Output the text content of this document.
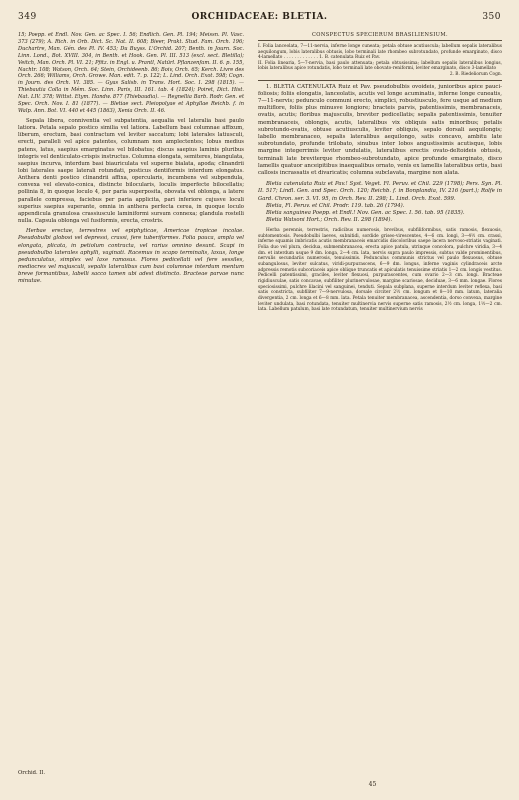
349	ORCHIDACEAE: BLETIA.	350

15; Poepp. et Endl. Nov. Gen. ac Spec. I. 56; Endlich. Gen. Pl. 194; Meissn. Pl. Vasc. 373 (279); A. Rich. in Orb. Dict. Sc. Nat. II. 608; Bieer, Prakt. Stud. Fam. Orch. 196; Duchartre, Man. Gén. des Pl. IV. 453; Du Buyss. L'Orchid. 207; Benth. in Journ. Soc. Linn. Lond., Bot. XVIII. 304, in Benth. et Hook. Gen. Pl. III. 513 (excl. sect. Bletilla); Veitch, Man. Orch. Pl. VI. 21; Pfitz. in Engl. u. Prantl, Natürl. Pflanzenfam. II. 6. p. 155, Nachtr. 108; Watson, Orch. 64; Stein, Orchideenb. 86; Boiv, Orch. 65; Kerch. Livre des Orch. 266; Williams, Orch. Growe. Man. edit. 7. p. 122; L. Lind. Orch. Exot. 598; Cogn. in Journ. des Orch. VI. 385. — Gyas Salisb. in Trans. Hort. Soc. I. 298 (1815). — Thiebautia Colla in Mém. Soc. Linn. Paris, III. 161. tab. 4 (1824); Poiret, Dict. Hist. Nat. LIV. 378; Wittst. Etym. Handw. 877 (Thiebaudia). — Regnellia Barb. Rodr. Gen. et Spec. Orch. Nov. I. 81 (1877). — Bletiae sect. Pleiopolyae et Aphyllae Reichb. f. in Walp. Ann. Bot. VI. 440 et 445 (1863), Xenia Orch. II. 46.

Sepala libera, conniventia vel subpatentia, aequalia vel lateralia basi paulo latiora. Petala sepalo postico similia vel latiora. Labellum basi columnae affixum, liberum, erectum, basi contractum vel leviter saccatum; lobi laterales latiusculi, erecti, paralleli vel apice patentes, columnam non amplectentes; lobus medius patens, latus, saepius emarginatus vel bilobatus; discus saepius laminis pluribus integris vel denticulato-crispis instructus. Columna elongata, semiteres, biangulata, saepius incurva, interdum basi biauriculata vel superne bialata, apoda; clinandrii lobi laterales saepe laterali rotundati, posticus dentiformis interdum elongatus. Anthera denti postico clinandrii affixa, opercularis, incumbens vel subpendula, convexa vel elevato-conica, distincte bilocularis, loculis imperfecte bilocellatis; pollinia 8, in quoque loculo 4, per paria superposita, obovata vel oblonga, a latere parallele compressa, faciebus per paria applicita, pari inferiore cujusve loculi superius saepius superante, omnia in anthera perfecta cerea, in quoque loculo appendicula granulosa crassiuscule laminiformi sursum connexa; glandula rostelli nulla. Capsula oblonga vel fusiformis, erecta, crostris.

Herbae erectae, terrestres vel epiphyticae, Americae tropicae incolae. Pseudobulbi globosi vel depressi, crassi, fere tuberiformes. Folia pauca, ampla vel elongata, plicata, in petiolum contracta, vel rarius omnino desunt. Scapi in pseudobulbo laterales aphylli, vaginati. Racemus in scapo terminalis, laxus, longe pedunculatus, simplex vel laxe ramosus. Flores pedicellati vel fere sessiles, mediocres vel majusculi, sepalis lateralibus cum basi columnae interdum mentum breve formantibus, labelli sacco tamen ubi adest distincto. Bracteae parvae nunc minutae.

Orchid. II.

CONSPECTUS SPECIERUM BRASILIENSIUM.

I. Folia lanceolata, 7—11-nervia, inferne longe cuneata; petala obtuse acutiuscula; labellum sepalis lateralibus aequilongum, lobis lateralibus obtusis, lobo terminali late rhombeo subrotundato, profunde emarginato, disco 4-lamellato . . . . . . . . . . . . . 1. B. catenulata Ruiz et Pav.

II. Folia linearia, 5—7-nervia, basi paulo attenuata; petala obtusissima; labellum sepalis lateralibus longius, lobis lateralibus apice rotundatis, lobo terminali late obovato-reniformi, leviter emarginato, disco 3-lamellato

2. B. Riedeliorum Cogn.

1. BLETIA CATENULATA Ruiz et Pav. pseudobulbis ovoideis, junioribus apice pauci-foliosis; foliis elongatis, lanceolatis, acutis vel longe acuminatis, inferne longe cuneatis, 7—11-nervis; pedunculo communi erecto, simplici, robustiusculo, fere usque ad medium multiflore, foliis plus minusve longiore; bracteis parvis, patentissimis, membranaceis, ovatis, acutis; floribus majusculis, breviter pedicellatis; sepalis patentissimis, tenuiter membranaceis, oblongis, acutis, lateralibus vix obliquis satis minoribus; petalis subrotundo-ovatis, obtuse acutiusculis, leviter obliquis, sepalo dorsali aequilongis; labello membranaceo, sepalis lateralibus aequilongo, satis concavo, ambitu late subrotundato, profunde trilobato, sinubus inter lobos angustissimis acutisque, lobis margine integerrimis leviter undulatis, lateralibus erectis ovato-deltoideis obtusis, terminali late breviterque rhombeo-subrotundato, apice profunde emarginato, disco lamellis quatuor anceipitibus inaequalibus ornato, venis ex lamellis lateralibus ortis, basi callosis incrassatis et divaricatis; columna subclavata, margine non alata.

Bletia catenulata Ruiz et Pav.! Syst. Veget. Fl. Peruv. et Chil. 229 (1798); Pers. Syn. Pl. II. 517; Lindl. Gen. and Spec. Orch. 120; Reichb. f. in Bonplandia, IV. 216 (part.); Rolfe in Gard. Chron. ser. 3. VI. 95, in Orch. Rev. II. 298; L. Lind. Orch. Exot. 599.

Bletia, Fl. Peruv. et Chil. Prodr. 119. tab. 26 (1794).

Bletia sanguinea Poepp. et Endl.! Nov. Gen. ac Spec. I. 56. tab. 95 (1835).

Bletia Watsoni Hort.; Orch. Rev. II. 298 (1894).

Herba perennis, terrestris, radicibus numerosis, brevibus, subfiliformibus, satis ramosis, flexuosis, subtomentosis. Pseudobulbi laeves, subnitidi, sordide griseo-virescentes, 4—6 cm. longi, 3—4½ cm. crassi, inferne squamis imbricatis acutis membranaceis emarcidis discoloribus saepe lacera nervoso-striatis vaginati. Folia duo vel plura, decidua, submembranacea, erecta apice patula, utrinque concolora, pulchre viridia, 3—4 dm. et interdum usque 9 dm. longa, 2—4 cm. lata, nervis supra paulo impressis, subtus valde prominentibus, nervulis secundariis numerosis, tenuissimis. Pedunculus communis strictus vel paulo flexuosus, obtuse subangulosus, leviter sulcatus, viridi-purpurascens, 6—9 dm. longus, inferne vaginis cylindraceis arcte adpressis remotis subcoriaceis apice oblique truncatis et apiculatis tenuissime striatis 1—2 cm. longis vestitus. Pedicelli patentissimi, graciles, leviter flexuosi, purpurascentes, cum ovario 2—3 cm. longi. Bracteae rigidiusculae, satis concavae, subfiliter plurinervulosae, margine scariosae, deciduae, 3—6 mm. longae. Flores speciosissimi, pulchre lilacini vel sanguinei, tenduti. Sepala subplana, superne interdum leviter reflexa, basi satis constricta, subfiliter 7—9-nervulosa, dorsale circiter 2½ cm. longum et 8—10 mm. latum, lateralia divergentia, 2 cm. longa et 6—8 mm. lata. Petala tenuiter membranacea, ascendentia, dorso convexa, margine leviter undulata, basi rotundata, tenuiter multinervia nervis superne satis ramosis, 2½ cm. longa, 1½—2 cm. lata. Labellum patulum, basi late rotundatum, tenuiter multinervium nervis

45
